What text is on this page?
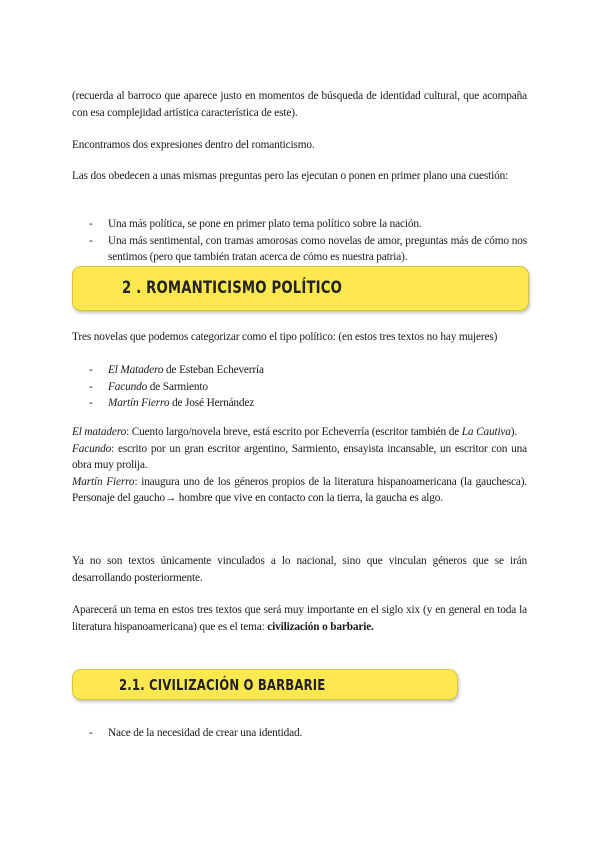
(recuerda al barroco que aparece justo en momentos de búsqueda de identidad cultural, que acompaña con esa complejidad artística característica de este).
Encontramos dos expresiones dentro del romanticismo.
Las dos obedecen a unas mismas preguntas pero las ejecutan o ponen en primer plano una cuestión:
- Una más política, se pone en primer plato tema político sobre la nación.
- Una más sentimental, con tramas amorosas como novelas de amor, preguntas más de cómo nos sentimos (pero que también tratan acerca de cómo es nuestra patria).
2 . ROMANTICISMO POLÍTICO
Tres novelas que podemos categorizar como el tipo político: (en estos tres textos no hay mujeres)
- El Matadero de Esteban Echeverría
- Facundo de Sarmiento
- Martín Fierro de José Hernández
El matadero: Cuento largo/novela breve, está escrito por Echeverría (escritor también de La Cautiva).
Facundo: escrito por un gran escritor argentino, Sarmiento, ensayista incansable, un escritor con una obra muy prolija.
Martín Fierro: inaugura uno de los géneros propios de la literatura hispanoamericana (la gauchesca). Personaje del gaucho→ hombre que vive en contacto con la tierra, la gaucha es algo.
Ya no son textos únicamente vinculados a lo nacional, sino que vinculan géneros que se irán desarrollando posteriormente.
Aparecerá un tema en estos tres textos que será muy importante en el siglo xix (y en general en toda la literatura hispanoamericana) que es el tema: civilización o barbarie.
2.1. CIVILIZACIÓN O BARBARIE
- Nace de la necesidad de crear una identidad.
